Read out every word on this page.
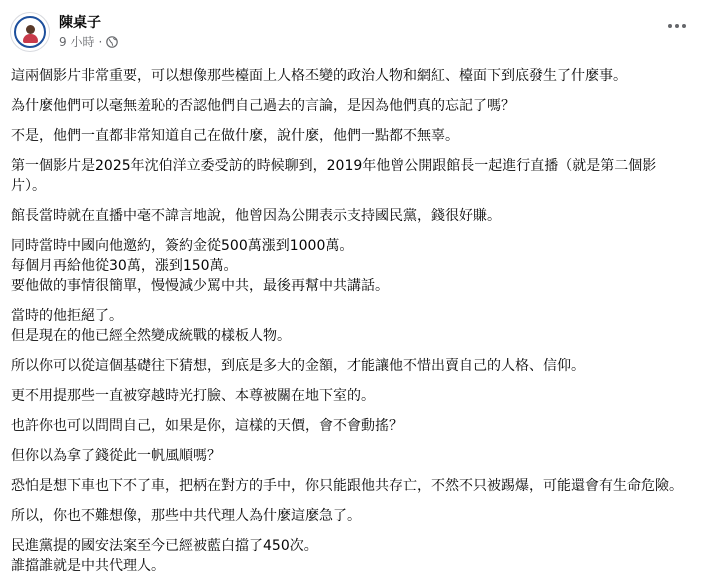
陳桌子
9 小時 ·

這兩個影片非常重要，可以想像那些檯面上人格丕變的政治人物和網紅、檯面下到底發生了什麼事。

為什麼他們可以毫無羞恥的否認他們自己過去的言論，是因為他們真的忘記了嗎？

不是，他們一直都非常知道自己在做什麼，說什麼，他們一點都不無辜。

第一個影片是2025年沈伯洋立委受訪的時候聊到，2019年他曾公開跟館長一起進行直播（就是第二個影片）。

館長當時就在直播中毫不諱言地說，他曾因為公開表示支持國民黨，錢很好賺。

同時當時中國向他邀約，簽約金從500萬漲到1000萬。
每個月再給他從30萬，漲到150萬。
要他做的事情很簡單，慢慢減少罵中共，最後再幫中共講話。

當時的他拒絕了。
但是現在的他已經全然變成統戰的樣板人物。

所以你可以從這個基礎往下猜想，到底是多大的金額，才能讓他不惜出賣自己的人格、信仰。

更不用提那些一直被穿越時光打臉、本尊被關在地下室的。

也許你也可以問問自己，如果是你，這樣的天價，會不會動搖？

但你以為拿了錢從此一帆風順嗎？

恐怕是想下車也下不了車，把柄在對方的手中，你只能跟他共存亡，不然不只被踢爆，可能還會有生命危險。

所以，你也不難想像，那些中共代理人為什麼這麼急了。

民進黨提的國安法案至今已經被藍白擋了450次。
誰擋誰就是中共代理人。
